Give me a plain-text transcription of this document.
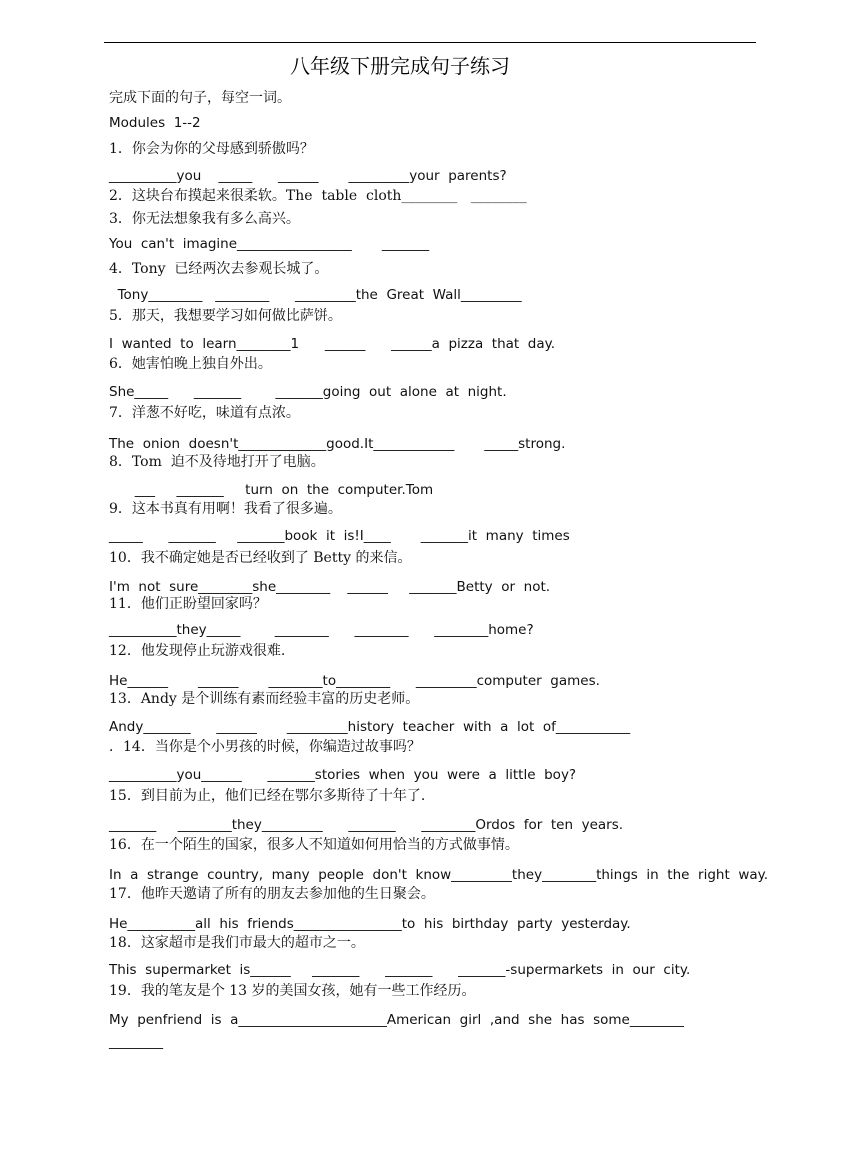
八年级下册完成句子练习
完成下面的句子，每空一词。
Modules  1--2
1．你会为你的父母感到骄傲吗？
__________you    _____      ______       _________your  parents?
2．这块台布摸起来很柔软。The  table  cloth________   ________
3．你无法想象我有多么高兴。
You  can't  imagine_________________       _______
4．Tony  已经两次去参观长城了。
Tony________   ________      _________the  Great  Wall_________
5．那天，我想要学习如何做比萨饼。
I  wanted  to  learn________1      ______      ______a  pizza  that  day.
6．她害怕晚上独自外出。
She_____      _______        _______going  out  alone  at  night.
7．洋葱不好吃，味道有点浓。
The  onion  doesn't_____________good.It____________       _____strong.
8．Tom  迫不及待地打开了电脑。
___     _______     turn  on  the  computer.Tom
9．这本书真有用啊！我看了很多遍。
_____      _______     _______book  it  is!I____       _______it  many  times
10．我不确定她是否已经收到了 Betty 的来信。
I'm  not  sure________she________    ______     _______Betty  or  not.
11．他们正盼望回家吗？
__________they_____        ________      ________      ________home?
12．他发现停止玩游戏很难.
He______       ______       ________to________      _________computer  games.
13．Andy 是个训练有素而经验丰富的历史老师。
Andy_______      ______       _________history  teacher  with  a  lot  of___________
．14．当你是个小男孩的时候，你编造过故事吗？
__________you______      _______stories  when  you  were  a  little  boy?
15．到目前为止，他们已经在鄂尔多斯待了十年了.
_______     ________they_________      _______      ________Ordos  for  ten  years.
16．在一个陌生的国家，很多人不知道如何用恰当的方式做事情。
In  a  strange  country,  many  people  don't  know_________they________things  in  the  right  way.
17．他昨天邀请了所有的朋友去参加他的生日聚会。
He__________all  his  friends________________to  his  birthday  party  yesterday.
18．这家超市是我们市最大的超市之一。
This  supermarket  is______     _______      _______      _______-supermarkets  in  our  city.
19．我的笔友是个 13 岁的美国女孩，她有一些工作经历。
My  penfriend  is  a______________________American  girl  ,and  she  has  some________
________
